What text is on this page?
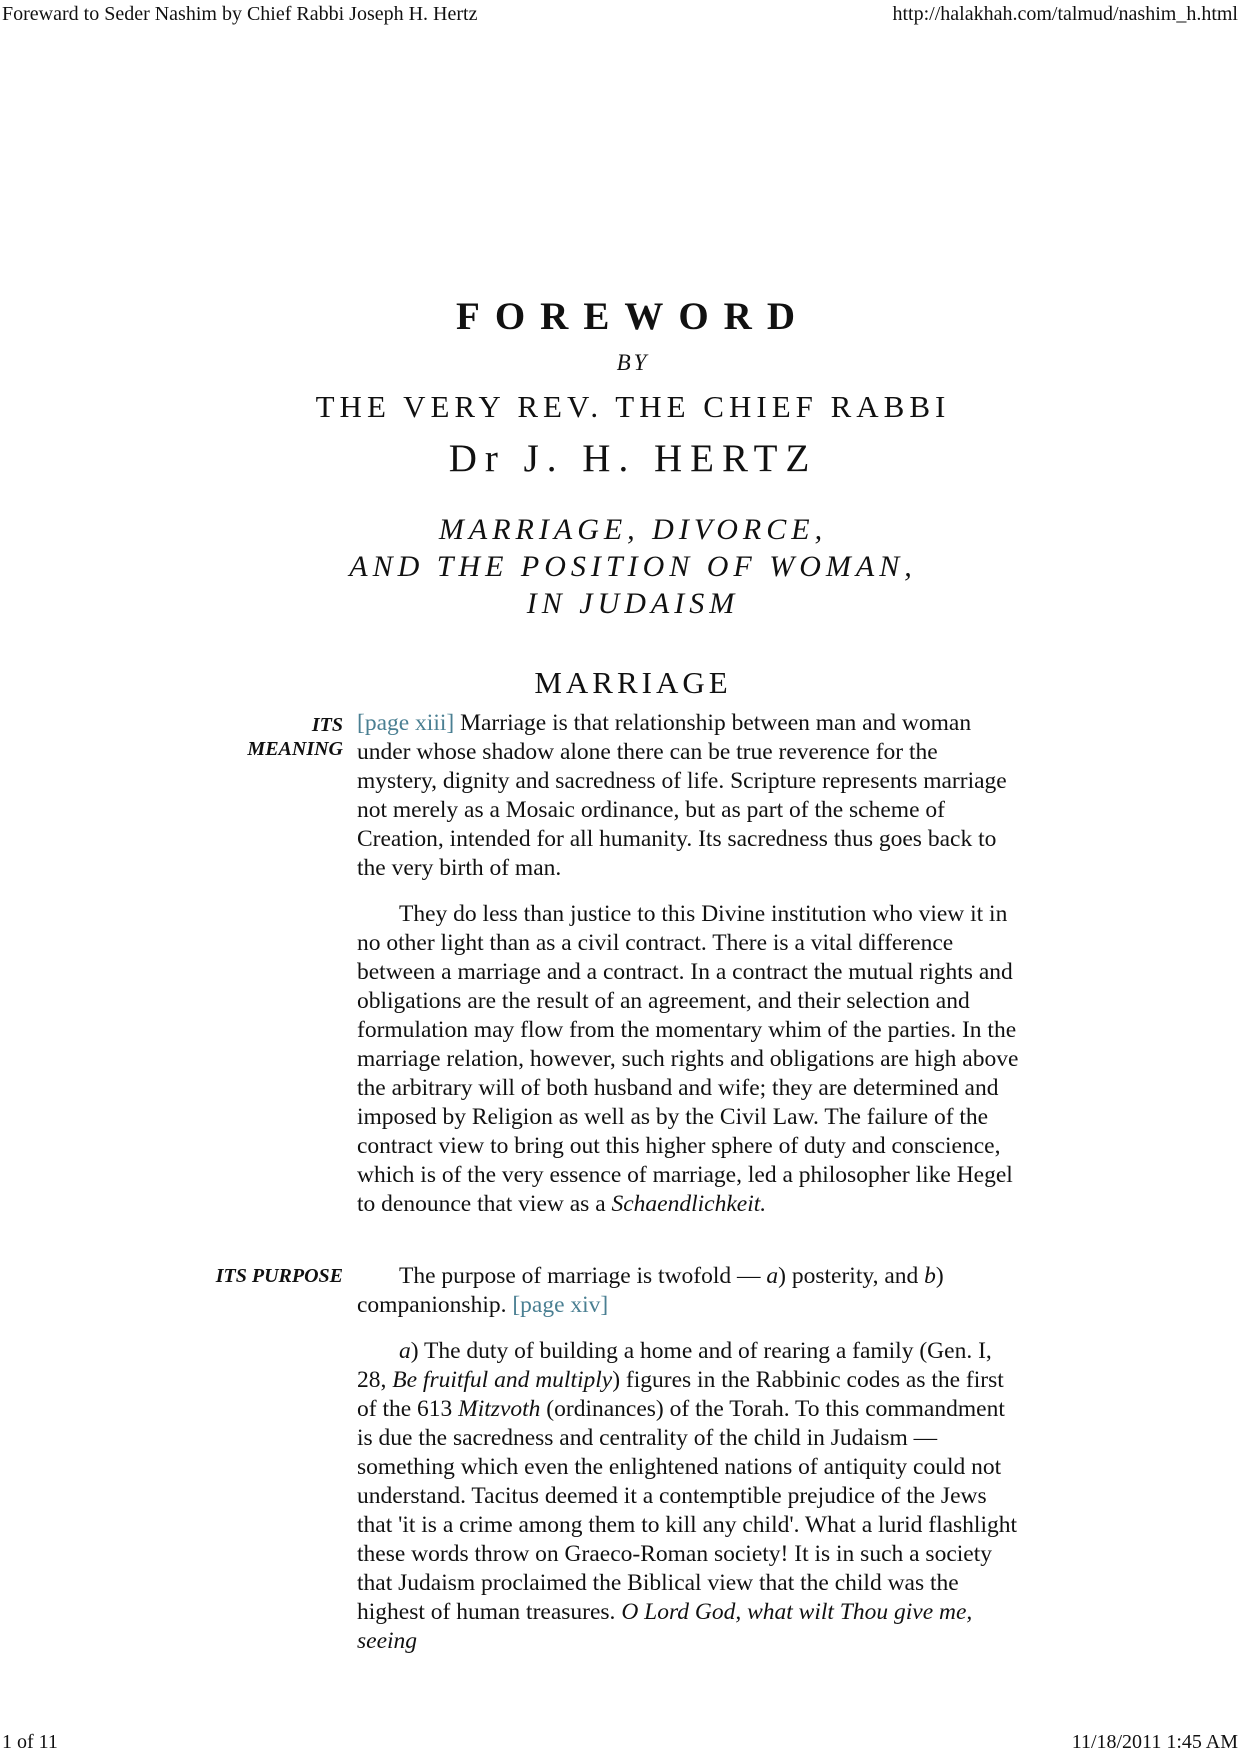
Foreward to Seder Nashim by Chief Rabbi Joseph H. Hertz	http://halakhah.com/talmud/nashim_h.html
FOREWORD
BY
THE VERY REV. THE CHIEF RABBI
Dr J. H. HERTZ
MARRIAGE, DIVORCE,
AND THE POSITION OF WOMAN,
IN JUDAISM
MARRIAGE
ITS
MEANING
ITS PURPOSE

[page xiii] Marriage is that relationship between man and woman under whose shadow alone there can be true reverence for the mystery, dignity and sacredness of life. Scripture represents marriage not merely as a Mosaic ordinance, but as part of the scheme of Creation, intended for all humanity. Its sacredness thus goes back to the very birth of man.

They do less than justice to this Divine institution who view it in no other light than as a civil contract. There is a vital difference between a marriage and a contract. In a contract the mutual rights and obligations are the result of an agreement, and their selection and formulation may flow from the momentary whim of the parties. In the marriage relation, however, such rights and obligations are high above the arbitrary will of both husband and wife; they are determined and imposed by Religion as well as by the Civil Law. The failure of the contract view to bring out this higher sphere of duty and conscience, which is of the very essence of marriage, led a philosopher like Hegel to denounce that view as a Schaendlichkeit.

The purpose of marriage is twofold — a) posterity, and b) companionship. [page xiv]

a) The duty of building a home and of rearing a family (Gen. I, 28, Be fruitful and multiply) figures in the Rabbinic codes as the first of the 613 Mitzvoth (ordinances) of the Torah. To this commandment is due the sacredness and centrality of the child in Judaism — something which even the enlightened nations of antiquity could not understand. Tacitus deemed it a contemptible prejudice of the Jews that 'it is a crime among them to kill any child'. What a lurid flashlight these words throw on Graeco-Roman society! It is in such a society that Judaism proclaimed the Biblical view that the child was the highest of human treasures. O Lord God, what wilt Thou give me, seeing

1 of 11	11/18/2011 1:45 AM
